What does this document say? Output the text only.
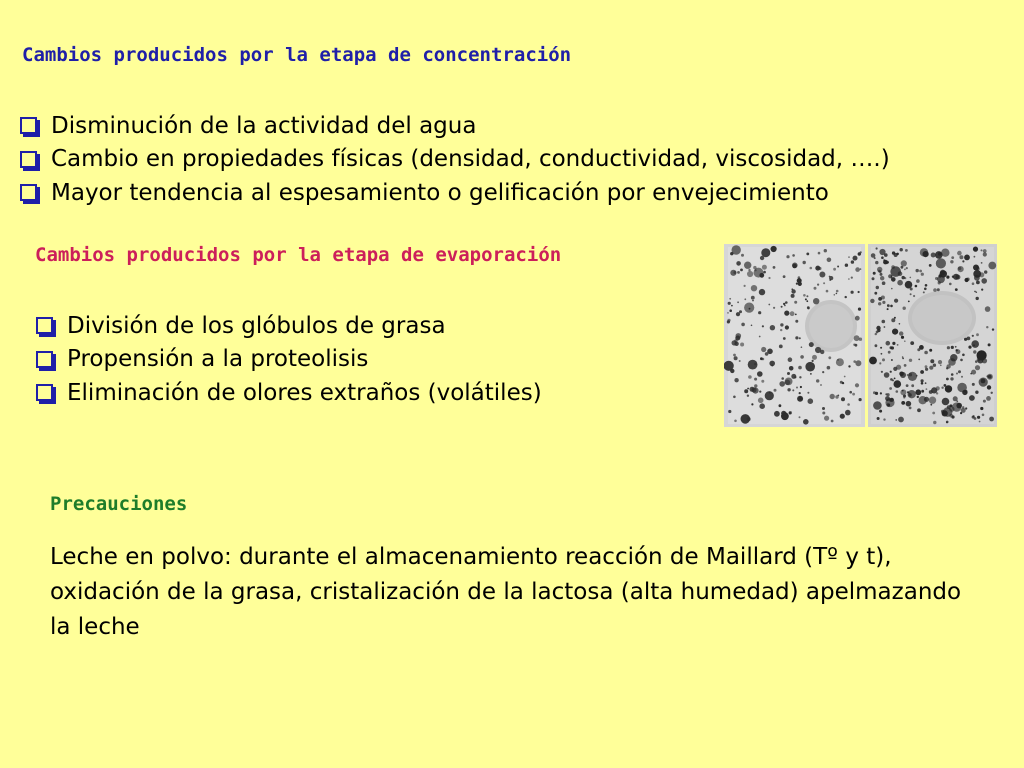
Cambios producidos por la etapa de concentración
Disminución de la actividad del agua
Cambio en propiedades físicas (densidad, conductividad, viscosidad, ….)
Mayor tendencia al espesamiento o gelificación por envejecimiento
Cambios producidos por la etapa de evaporación
División de los glóbulos de grasa
Propensión a la proteolisis
Eliminación de olores extraños (volátiles)
Precauciones

Leche en polvo: durante el almacenamiento reacción de Maillard (Tº y t), oxidación de la grasa, cristalización de la lactosa (alta humedad) apelmazando la leche
